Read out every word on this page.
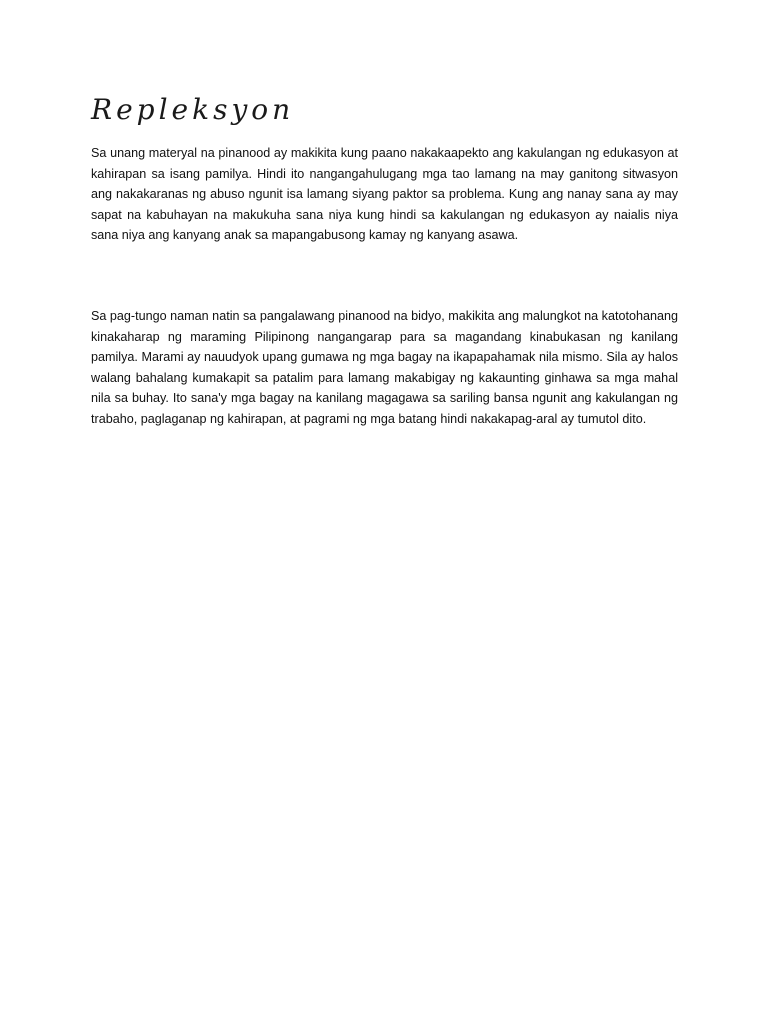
Repleksyon

Sa unang materyal na pinanood ay makikita kung paano nakakaapekto ang kakulangan ng edukasyon at kahirapan sa isang pamilya. Hindi ito nangangahulugang mga tao lamang na may ganitong sitwasyon ang nakakaranas ng abuso ngunit isa lamang siyang paktor sa problema. Kung ang nanay sana ay may sapat na kabuhayan na makukuha sana niya kung hindi sa kakulangan ng edukasyon ay naialis niya sana niya ang kanyang anak sa mapangabusong kamay ng kanyang asawa.

Sa pag-tungo naman natin sa pangalawang pinanood na bidyo, makikita ang malungkot na katotohanang kinakaharap ng maraming Pilipinong nangangarap para sa magandang kinabukasan ng kanilang pamilya. Marami ay nauudyok upang gumawa ng mga bagay na ikapapahamak nila mismo. Sila ay halos walang bahalang kumakapit sa patalim para lamang makabigay ng kakaunting ginhawa sa mga mahal nila sa buhay. Ito sana'y mga bagay na kanilang magagawa sa sariling bansa ngunit ang kakulangan ng trabaho, paglaganap ng kahirapan, at pagrami ng mga batang hindi nakakapag-aral ay tumutol dito.
